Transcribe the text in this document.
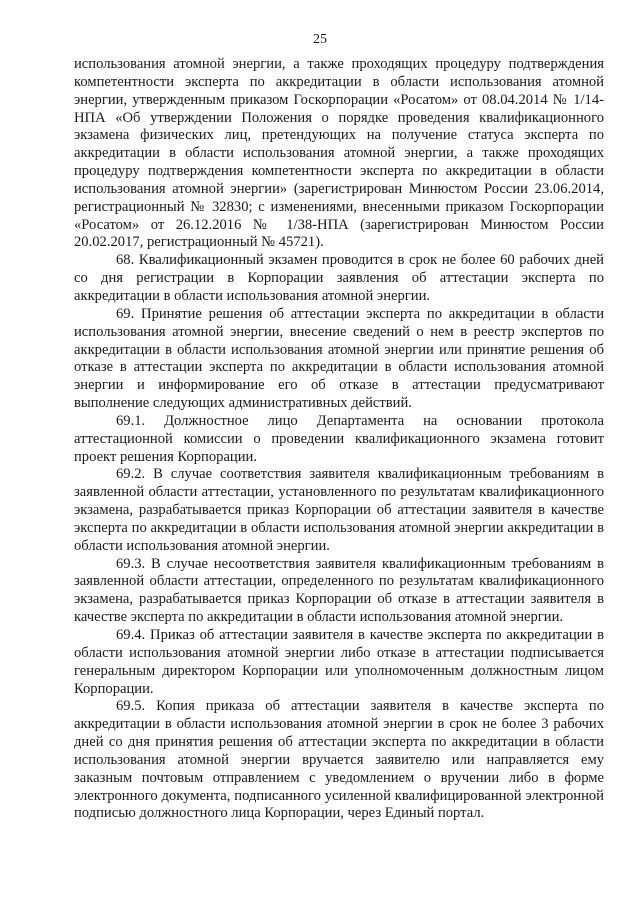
25

использования атомной энергии, а также проходящих процедуру подтверждения компетентности эксперта по аккредитации в области использования атомной энергии, утвержденным приказом Госкорпорации «Росатом» от 08.04.2014 № 1/14-НПА «Об утверждении Положения о порядке проведения квалификационного экзамена физических лиц, претендующих на получение статуса эксперта по аккредитации в области использования атомной энергии, а также проходящих процедуру подтверждения компетентности эксперта по аккредитации в области использования атомной энергии» (зарегистрирован Минюстом России 23.06.2014, регистрационный № 32830; с изменениями, внесенными приказом Госкорпорации «Росатом» от 26.12.2016 № 1/38-НПА (зарегистрирован Минюстом России 20.02.2017, регистрационный № 45721).

68. Квалификационный экзамен проводится в срок не более 60 рабочих дней со дня регистрации в Корпорации заявления об аттестации эксперта по аккредитации в области использования атомной энергии.

69. Принятие решения об аттестации эксперта по аккредитации в области использования атомной энергии, внесение сведений о нем в реестр экспертов по аккредитации в области использования атомной энергии или принятие решения об отказе в аттестации эксперта по аккредитации в области использования атомной энергии и информирование его об отказе в аттестации предусматривают выполнение следующих административных действий.

69.1. Должностное лицо Департамента на основании протокола аттестационной комиссии о проведении квалификационного экзамена готовит проект решения Корпорации.

69.2. В случае соответствия заявителя квалификационным требованиям в заявленной области аттестации, установленного по результатам квалификационного экзамена, разрабатывается приказ Корпорации об аттестации заявителя в качестве эксперта по аккредитации в области использования атомной энергии аккредитации в области использования атомной энергии.

69.3. В случае несоответствия заявителя квалификационным требованиям в заявленной области аттестации, определенного по результатам квалификационного экзамена, разрабатывается приказ Корпорации об отказе в аттестации заявителя в качестве эксперта по аккредитации в области использования атомной энергии.

69.4. Приказ об аттестации заявителя в качестве эксперта по аккредитации в области использования атомной энергии либо отказе в аттестации подписывается генеральным директором Корпорации или уполномоченным должностным лицом Корпорации.

69.5. Копия приказа об аттестации заявителя в качестве эксперта по аккредитации в области использования атомной энергии в срок не более 3 рабочих дней со дня принятия решения об аттестации эксперта по аккредитации в области использования атомной энергии вручается заявителю или направляется ему заказным почтовым отправлением с уведомлением о вручении либо в форме электронного документа, подписанного усиленной квалифицированной электронной подписью должностного лица Корпорации, через Единый портал.
